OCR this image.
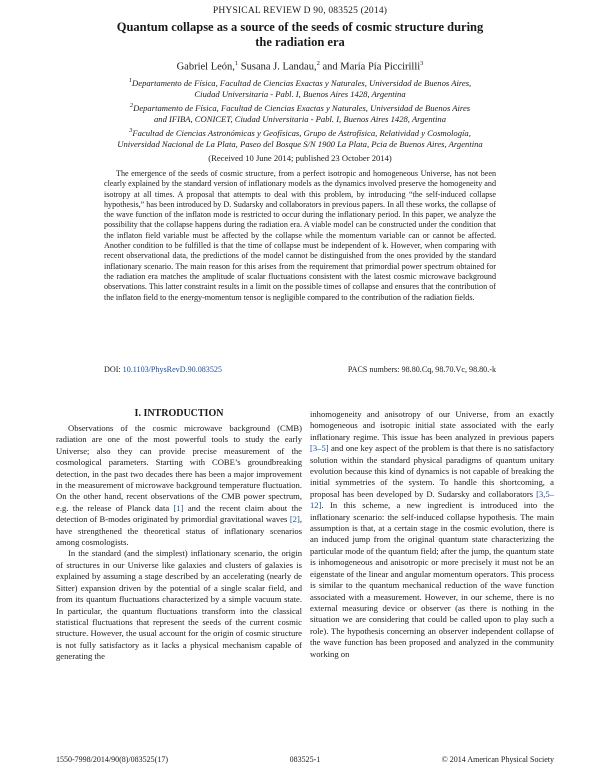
PHYSICAL REVIEW D 90, 083525 (2014)
Quantum collapse as a source of the seeds of cosmic structure during
the radiation era
Gabriel León,$^1$ Susana J. Landau,$^2$ and María Pía Piccirilli$^3$
$^1$Departamento de Física, Facultad de Ciencias Exactas y Naturales, Universidad de Buenos Aires,
Ciudad Universitaria - Pabl. I, Buenos Aires 1428, Argentina
$^2$Departamento de Física, Facultad de Ciencias Exactas y Naturales, Universidad de Buenos Aires
and IFIBA, CONICET, Ciudad Universitaria - Pabl. I, Buenos Aires 1428, Argentina
$^3$Facultad de Ciencias Astronómicas y Geofísicas, Grupo de Astrofísica, Relatividad y Cosmología,
Universidad Nacional de La Plata, Paseo del Bosque S/N 1900 La Plata, Pcia de Buenos Aires, Argentina
(Received 10 June 2014; published 23 October 2014)

The emergence of the seeds of cosmic structure, from a perfect isotropic and homogeneous Universe, has not been clearly explained by the standard version of inflationary models as the dynamics involved preserve the homogeneity and isotropy at all times. A proposal that attempts to deal with this problem, by introducing “the self-induced collapse hypothesis,” has been introduced by D. Sudarsky and collaborators in previous papers. In all these works, the collapse of the wave function of the inflaton mode is restricted to occur during the inflationary period. In this paper, we analyze the possibility that the collapse happens during the radiation era. A viable model can be constructed under the condition that the inflaton field variable must be affected by the collapse while the momentum variable can or cannot be affected. Another condition to be fulfilled is that the time of collapse must be independent of k. However, when comparing with recent observational data, the predictions of the model cannot be distinguished from the ones provided by the standard inflationary scenario. The main reason for this arises from the requirement that primordial power spectrum obtained for the radiation era matches the amplitude of scalar fluctuations consistent with the latest cosmic microwave background observations. This latter constraint results in a limit on the possible times of collapse and ensures that the contribution of the inflaton field to the energy-momentum tensor is negligible compared to the contribution of the radiation fields.

DOI: 10.1103/PhysRevD.90.083525	PACS numbers: 98.80.Cq, 98.70.Vc, 98.80.-k
I. INTRODUCTION

Observations of the cosmic microwave background (CMB) radiation are one of the most powerful tools to study the early Universe; also they can provide precise measurement of the cosmological parameters. Starting with COBE’s groundbreaking detection, in the past two decades there has been a major improvement in the measurement of microwave background temperature fluctuation. On the other hand, recent observations of the CMB power spectrum, e.g. the release of Planck data [1] and the recent claim about the detection of B-modes originated by primordial gravitational waves [2], have strengthened the theoretical status of inflationary scenarios among cosmologists.

In the standard (and the simplest) inflationary scenario, the origin of structures in our Universe like galaxies and clusters of galaxies is explained by assuming a stage described by an accelerating (nearly de Sitter) expansion driven by the potential of a single scalar field, and from its quantum fluctuations characterized by a simple vacuum state. In particular, the quantum fluctuations transform into the classical statistical fluctuations that represent the seeds of the current cosmic structure. However, the usual account for the origin of cosmic structure is not fully satisfactory as it lacks a physical mechanism capable of generating the

inhomogeneity and anisotropy of our Universe, from an exactly homogeneous and isotropic initial state associated with the early inflationary regime. This issue has been analyzed in previous papers [3–5] and one key aspect of the problem is that there is no satisfactory solution within the standard physical paradigms of quantum unitary evolution because this kind of dynamics is not capable of breaking the initial symmetries of the system. To handle this shortcoming, a proposal has been developed by D. Sudarsky and collaborators [3,5–12]. In this scheme, a new ingredient is introduced into the inflationary scenario: the self-induced collapse hypothesis. The main assumption is that, at a certain stage in the cosmic evolution, there is an induced jump from the original quantum state characterizing the particular mode of the quantum field; after the jump, the quantum state is inhomogeneous and anisotropic or more precisely it must not be an eigenstate of the linear and angular momentum operators. This process is similar to the quantum mechanical reduction of the wave function associated with a measurement. However, in our scheme, there is no external measuring device or observer (as there is nothing in the situation we are considering that could be called upon to play such a role). The hypothesis concerning an observer independent collapse of the wave function has been proposed and analyzed in the community working on

1550-7998/2014/90(8)/083525(17)	083525-1	© 2014 American Physical Society
